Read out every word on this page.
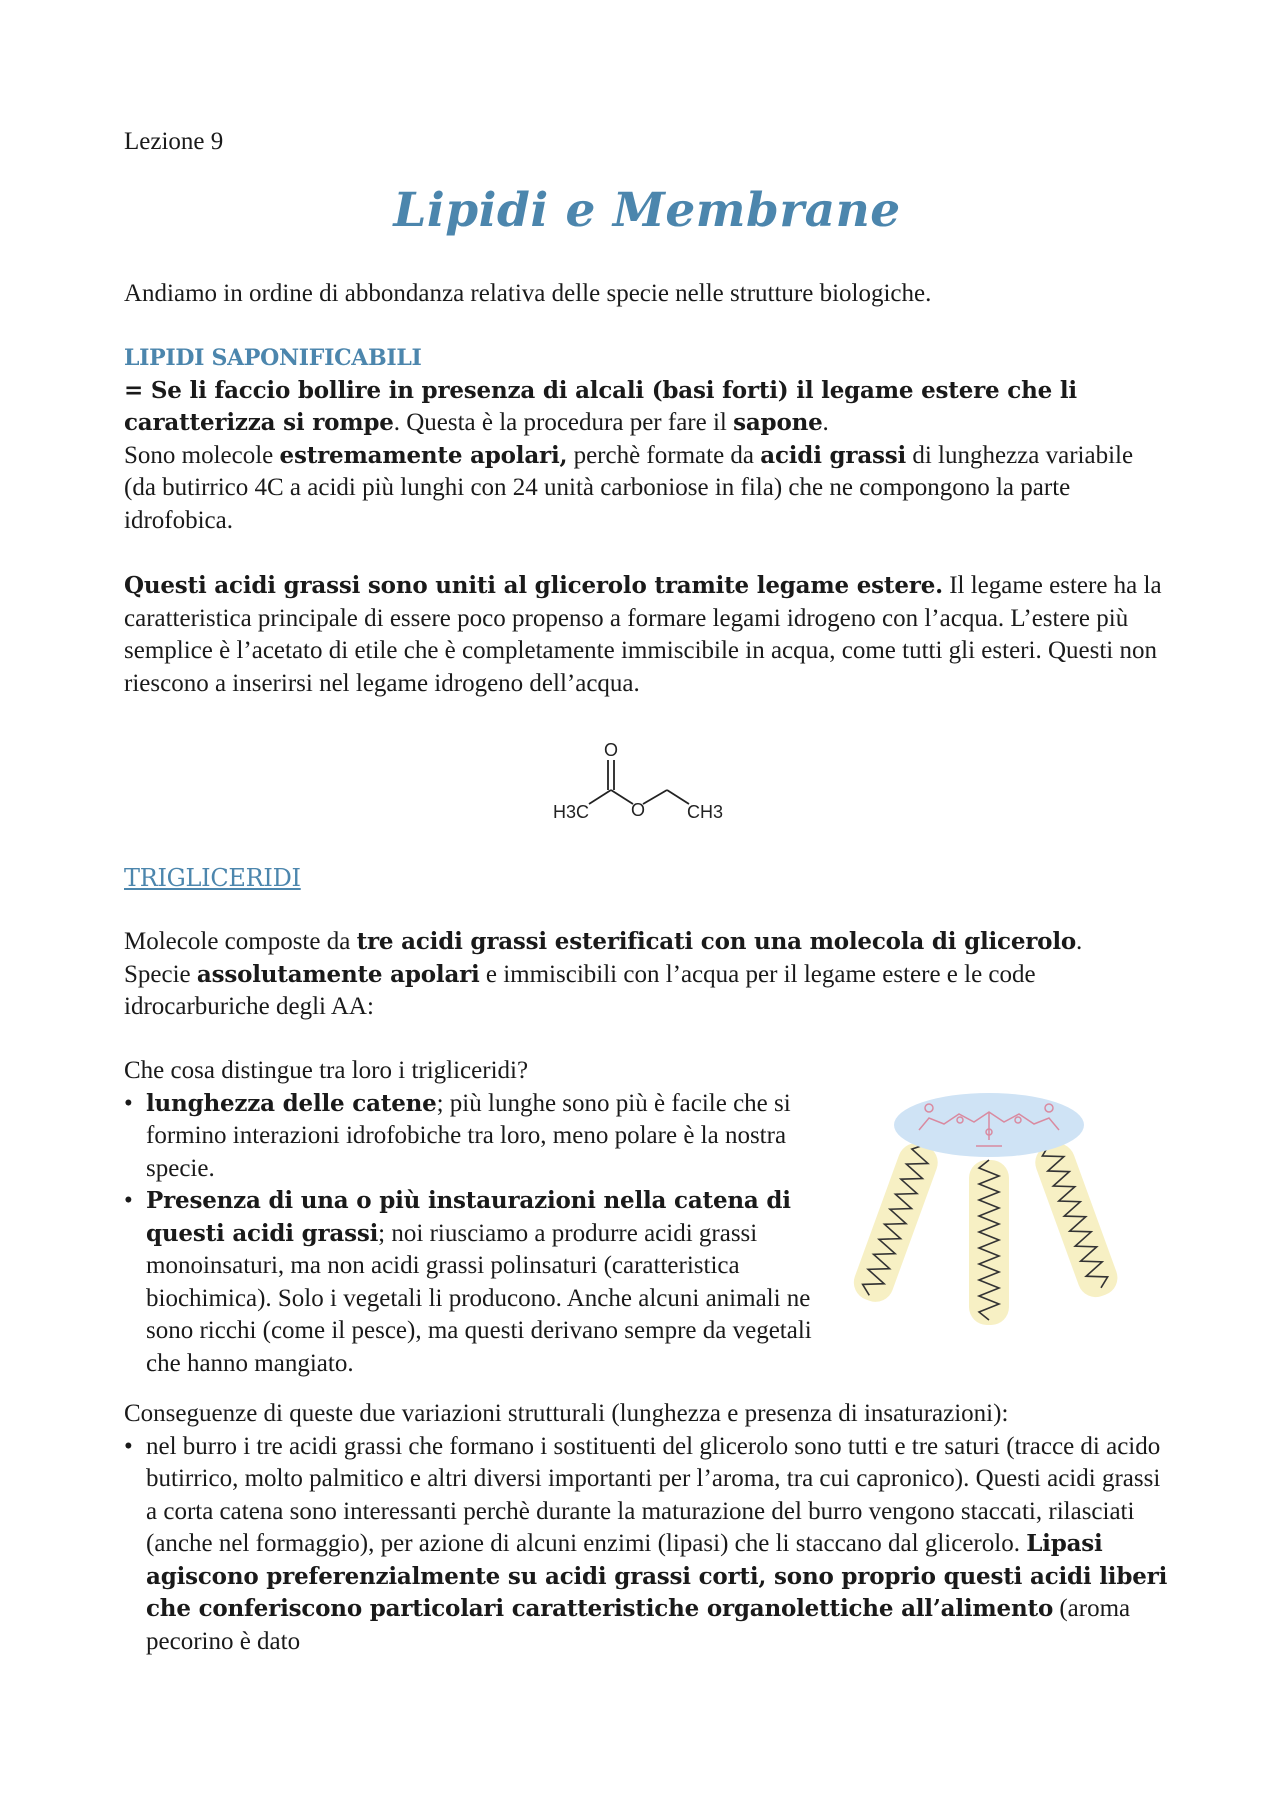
Lezione 9
Lipidi e Membrane

Andiamo in ordine di abbondanza relativa delle specie nelle strutture biologiche.

LIPIDI SAPONIFICABILI

= Se li faccio bollire in presenza di alcali (basi forti) il legame estere che li caratterizza si rompe. Questa è la procedura per fare il sapone.

Sono molecole estremamente apolari, perchè formate da acidi grassi di lunghezza variabile (da butirrico 4C a acidi più lunghi con 24 unità carboniose in fila) che ne compongono la parte idrofobica.

Questi acidi grassi sono uniti al glicerolo tramite legame estere. Il legame estere ha la caratteristica principale di essere poco propenso a formare legami idrogeno con l’acqua. L’estere più semplice è l’acetato di etile che è completamente immiscibile in acqua, come tutti gli esteri. Questi non riescono a inserirsi nel legame idrogeno dell’acqua.

O
O
H3C	CH3
TRIGLICERIDI

Molecole composte da tre acidi grassi esterificati con una molecola di glicerolo.
Specie assolutamente apolari e immiscibili con l’acqua per il legame estere e le code idrocarburiche degli AA:

Che cosa distingue tra loro i trigliceridi?

• lunghezza delle catene; più lunghe sono più è facile che si formino interazioni idrofobiche tra loro, meno polare è la nostra specie.
• Presenza di una o più instaurazioni nella catena di questi acidi grassi; noi riusciamo a produrre acidi grassi monoinsaturi, ma non acidi grassi polinsaturi (caratteristica biochimica). Solo i vegetali li producono. Anche alcuni animali ne sono ricchi (come il pesce), ma questi derivano sempre da vegetali che hanno mangiato.

Conseguenze di queste due variazioni strutturali (lunghezza e presenza di insaturazioni):

• nel burro i tre acidi grassi che formano i sostituenti del glicerolo sono tutti e tre saturi (tracce di acido butirrico, molto palmitico e altri diversi importanti per l’aroma, tra cui capronico). Questi acidi grassi a corta catena sono interessanti perchè durante la maturazione del burro vengono staccati, rilasciati (anche nel formaggio), per azione di alcuni enzimi (lipasi) che li staccano dal glicerolo. Lipasi agiscono preferenzialmente su acidi grassi corti, sono proprio questi acidi liberi che conferiscono particolari caratteristiche organolettiche all’alimento (aroma pecorino è dato
